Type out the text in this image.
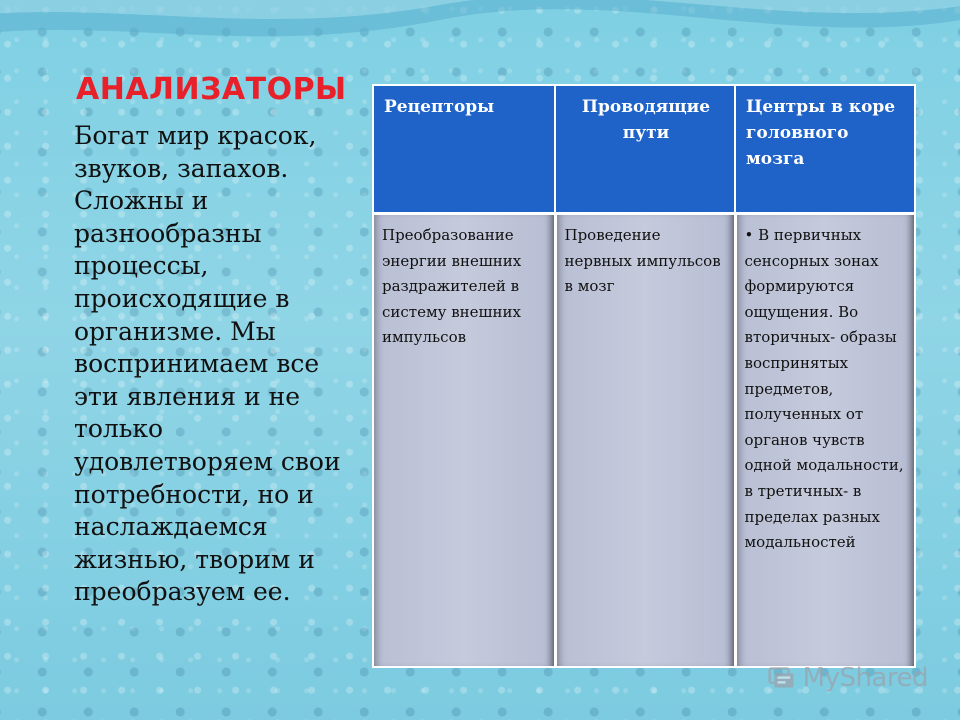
АНАЛИЗАТОРЫ

Богат мир красок, звуков, запахов. Сложны и разнообразны процессы, происходящие в организме. Мы воспринимаем все эти явления и не только удовлетворяем свои потребности, но и наслаждаемся жизнью, творим и преобразуем ее.

Рецепторы	Проводящие пути	Центры в коре головного мозга
Преобразование энергии внешних раздражителей в систему внешних импульсов	Проведение нервных импульсов в мозг	• В первичных сенсорных зонах формируются ощущения. Во вторичных- образы воспринятых предметов, полученных от органов чувств одной модальности, в третичных- в пределах разных модальностей
MyShared
